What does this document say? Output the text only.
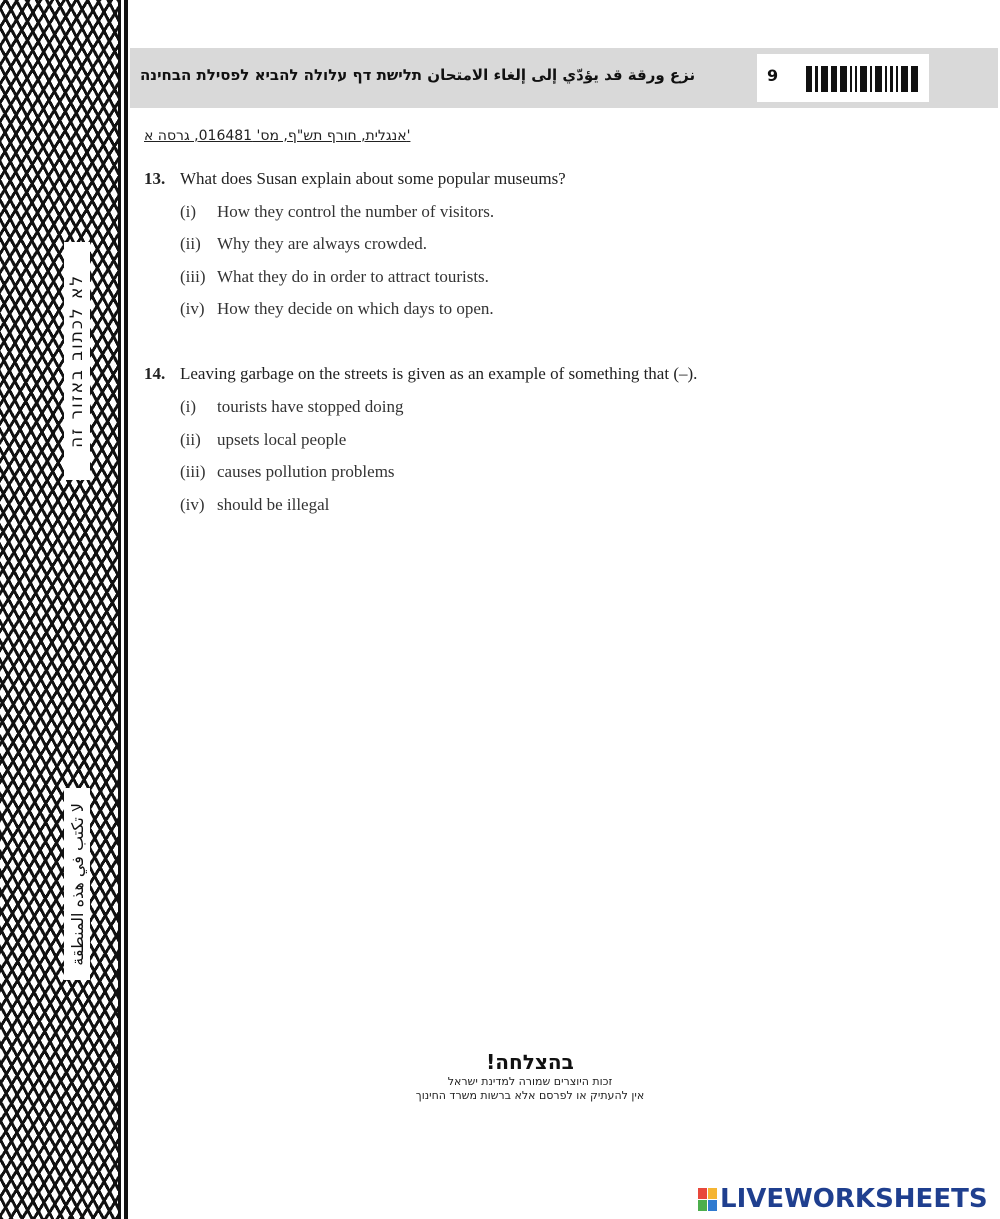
לא לכתוב באזור זה
لا تكتب في هذه المنطقة
نزع ورقة قد يؤدّي إلى إلغاء الامتحان תלישת דף עלולה להביא לפסילת הבחינה	9
אנגלית, חורף תש"ף, מס' 016481, גרסה א'
13. What does Susan explain about some popular museums?
(i) How they control the number of visitors.
(ii) Why they are always crowded.
(iii) What they do in order to attract tourists.
(iv) How they decide on which days to open.
14. Leaving garbage on the streets is given as an example of something that (–).
(i) tourists have stopped doing
(ii) upsets local people
(iii) causes pollution problems
(iv) should be illegal
בהצלחה!
זכות היוצרים שמורה למדינת ישראל
אין להעתיק או לפרסם אלא ברשות משרד החינוך
LIVEWORKSHEETS
